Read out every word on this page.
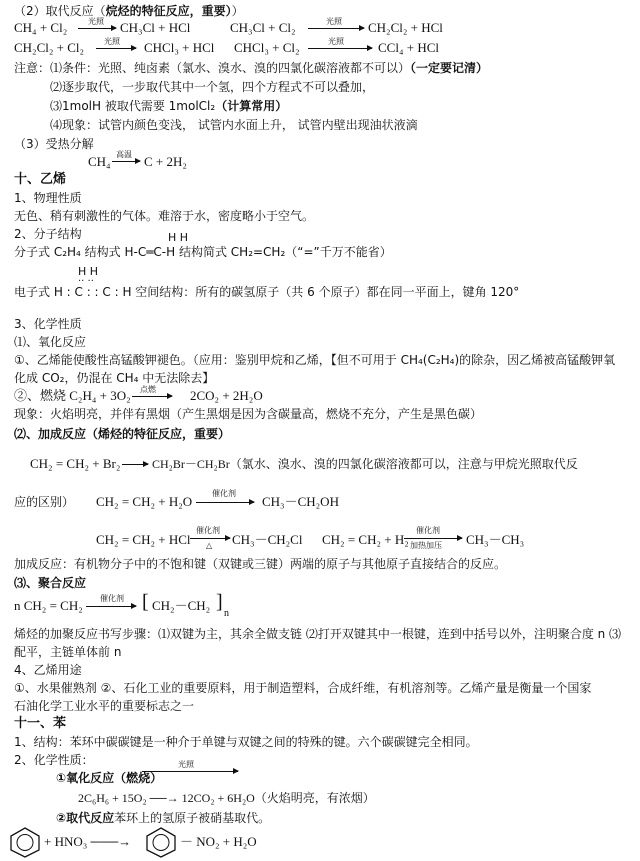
（2）取代反应（烷烃的特征反应，重要））
CH₄ + Cl₂	光照 → CH₃Cl + HCl	CH₃Cl + Cl₂	光照 CH₂Cl₂ + HCl
CH₂Cl₂ + Cl₂ 光照 → CHCl₃ + HCl CHCl₃ + Cl₂	光照	CCl₄ + HCl
注意：⑴条件：光照、纯卤素（氯水、溴水、溴的四氯化碳溶液都不可以）（一定要记清）
⑵逐步取代，一步取代其中一个氢，四个方程式不可以叠加，
⑶1molH 被取代需要 1molCl₂（计算常用）
⑷现象：试管内颜色变浅， 试管内水面上升， 试管内壁出现油状液滴
（3）受热分解
CH₄ 高温 → C + 2H₂
十、乙烯
1、物理性质
无色、稍有刺激性的气体。难溶于水，密度略小于空气。
2、分子结构	H H
分子式 C₂H₄ 结构式 H-C═C-H 结构简式 CH₂=CH₂（“=”千万不能省）
H H
·· ··
电子式 H : C : : C : H 空间结构：所有的碳氢原子（共 6 个原子）都在同一平面上，键角 120°
3、化学性质
⑴、氧化反应
①、乙烯能使酸性高锰酸钾褪色。（应用：鉴别甲烷和乙烯，【但不可用于 CH₄(C₂H₄)的除杂，因乙烯被高锰酸钾氧
化成 CO₂，仍混在 CH₄ 中无法除去】
②、燃烧 C₂H₄ + 3O₂ 点燃 → 2CO₂ + 2H₂O
现象：火焰明亮，并伴有黑烟（产生黑烟是因为含碳量高，燃烧不充分，产生是黑色碳）
⑵、加成反应（烯烃的特征反应，重要）
CH₂ = CH₂ + Br₂ → CH₂Br－CH₂Br（氯水、溴水、溴的四氯化碳溶液都可以，注意与甲烷光照取代反
应的区别） CH₂ = CH₂ + H₂O
催化剂
CH₃－CH₂OH
CH₂ = CH₂ + HCl
催化剂
△ CH₃－CH₂Cl CH₂ = CH₂ + H₂
催化剂
加热加压 CH₃－CH₃
加成反应：有机物分子中的不饱和键（双键或三键）两端的原子与其他原子直接结合的反应。
⑶、聚合反应
n CH₂ = CH₂ 催化剂 [ CH₂－CH₂ ]
n
烯烃的加聚反应书写步骤：⑴双键为主，其余全做支链 ⑵打开双键其中一根键，连到中括号以外，注明聚合度 n ⑶
配平，主链单体前 n
4、乙烯用途
①、水果催熟剂 ②、石化工业的重要原料，用于制造塑料，合成纤维，有机溶剂等。乙烯产量是衡量一个国家
石油化学工业水平的重要标志之一
十一、苯
1、结构：苯环中碳碳键是一种介于单键与双键之间的特殊的键。六个碳碳键完全相同。
2、化学性质：
①氧化反应（燃烧）
光照
2C₆H₆ + 15O₂ ──→ 12CO₂ + 6H₂O（火焰明亮，有浓烟）
②取代反应苯环上的氢原子被硝基取代。
+ HNO₃ ───→	－ NO₂ + H₂O
